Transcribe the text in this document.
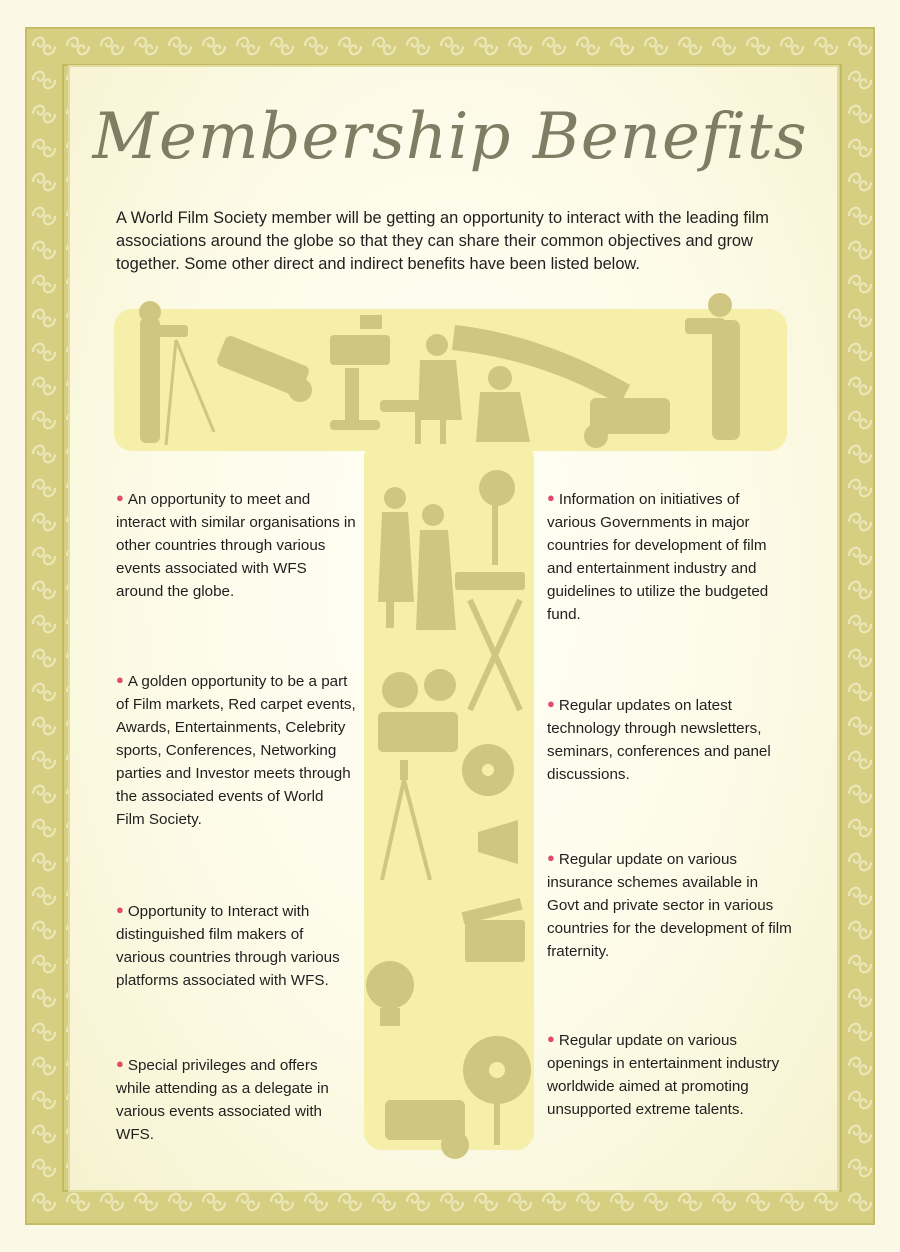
Membership Benefits

A World Film Society member will be getting an opportunity to interact with the leading film associations around the globe so that they can share their common objectives and grow together. Some other direct and indirect benefits have been listed below.

● An opportunity to meet and interact with similar organisations in other countries through various events associated with WFS around the globe.

● A golden opportunity to be a part of Film markets, Red carpet events, Awards, Entertainments, Celebrity sports, Conferences, Networking parties and Investor meets through the associated events of World Film Society.

● Opportunity to Interact with distinguished film makers of various countries through various platforms associated with WFS.

● Special privileges and offers while attending as a delegate in various events associated with WFS.

● Information on initiatives of various Governments in major countries for development of film and entertainment industry and guidelines to utilize the budgeted fund.

● Regular updates on latest technology through newsletters, seminars, conferences and panel discussions.

● Regular update on various insurance schemes available in Govt and private sector in various countries for the development of film fraternity.

● Regular update on various openings in entertainment industry worldwide aimed at promoting unsupported extreme talents.
